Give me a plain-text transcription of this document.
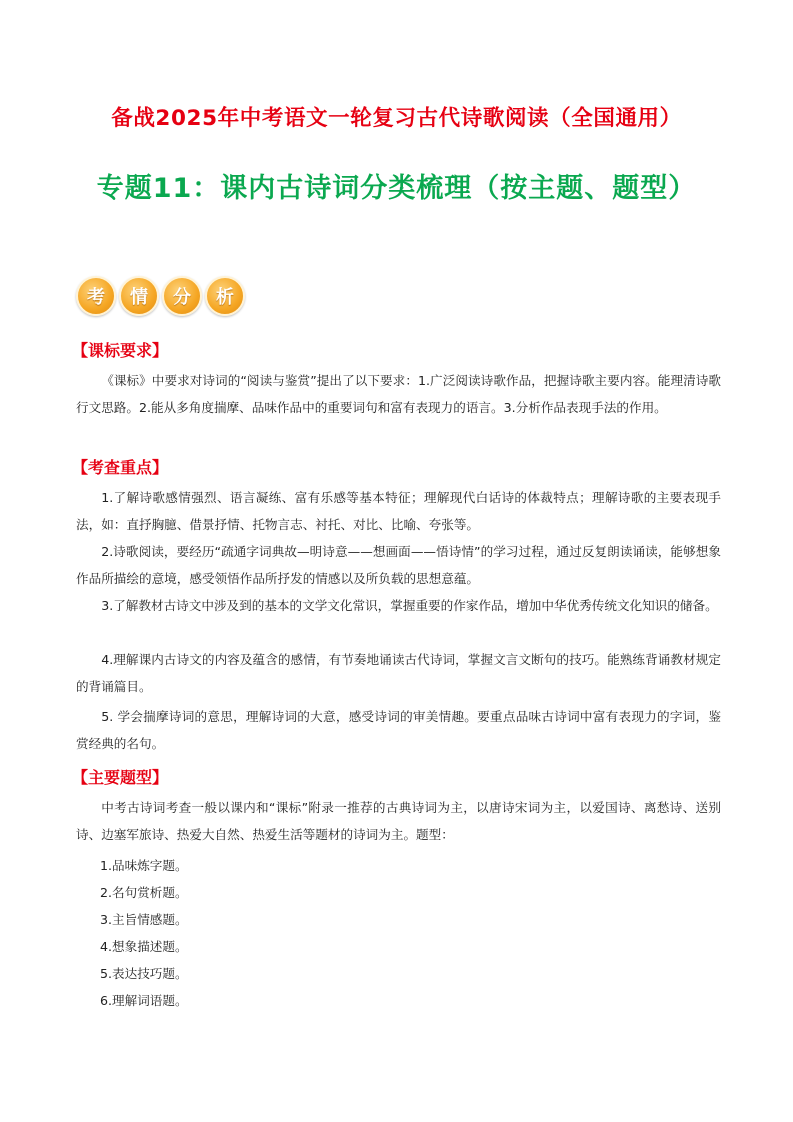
备战2025年中考语文一轮复习古代诗歌阅读（全国通用）
专题11：课内古诗词分类梳理（按主题、题型）
考	情	分	析
【课标要求】
《课标》中要求对诗词的“阅读与鉴赏”提出了以下要求：1.广泛阅读诗歌作品，把握诗歌主要内容。能理清诗歌行文思路。2.能从多角度揣摩、品味作品中的重要词句和富有表现力的语言。3.分析作品表现手法的作用。
【考查重点】
1.了解诗歌感情强烈、语言凝练、富有乐感等基本特征；理解现代白话诗的体裁特点；理解诗歌的主要表现手法，如：直抒胸臆、借景抒情、托物言志、衬托、对比、比喻、夸张等。
2.诗歌阅读，要经历“疏通字词典故—明诗意——想画面——悟诗情”的学习过程，通过反复朗读诵读，能够想象作品所描绘的意境，感受领悟作品所抒发的情感以及所负载的思想意蕴。
3.了解教材古诗文中涉及到的基本的文学文化常识，掌握重要的作家作品，增加中华优秀传统文化知识的储备。
4.理解课内古诗文的内容及蕴含的感情，有节奏地诵读古代诗词，掌握文言文断句的技巧。能熟练背诵教材规定的背诵篇目。
5. 学会揣摩诗词的意思，理解诗词的大意，感受诗词的审美情趣。要重点品味古诗词中富有表现力的字词，鉴赏经典的名句。
【主要题型】
中考古诗词考查一般以课内和“课标”附录一推荐的古典诗词为主，以唐诗宋词为主，以爱国诗、离愁诗、送别诗、边塞军旅诗、热爱大自然、热爱生活等题材的诗词为主。题型：
1.品味炼字题。
2.名句赏析题。
3.主旨情感题。
4.想象描述题。
5.表达技巧题。
6.理解词语题。
